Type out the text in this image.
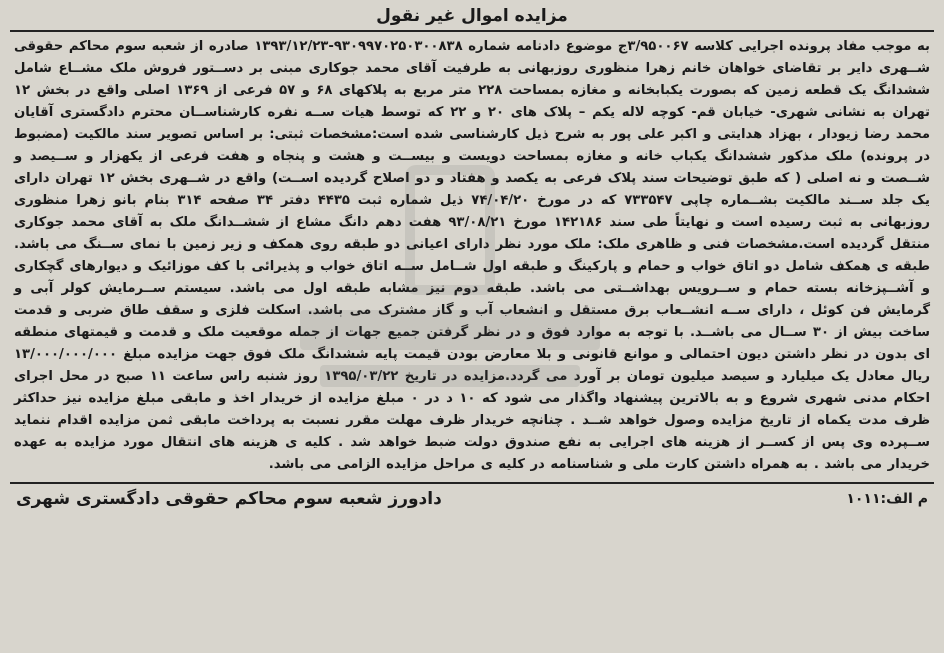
مزایده اموال غیر نقول

به موجب مفاد پرونده اجرایی کلاسه ۳/۹۵۰۰۶۷ج موضوع دادنامه شماره ۹۳۰۹۹۷۰۲۵۰۳۰۰۸۳۸-۱۳۹۳/۱۲/۲۳ صادره از شعبه سوم محاکم حقوقی شــهری دایر بر تقاضای خواهان خانم زهرا منظوری روزبهانی به طرفیت آقای محمد جوکاری مبنی بر دســتور فروش ملک مشــاع شامل ششدانگ یک قطعه زمین که بصورت یکبابخانه و مغازه بمساحت ۲۲۸ متر مربع به پلاکهای ۶۸ و ۵۷ فرعی از ۱۳۶۹ اصلی واقع در بخش ۱۲ تهران به نشانی شهری- خیابان قم- کوچه لاله یکم – پلاک های ۲۰ و ۲۲ که توسط هیات ســه نفره کارشناســان محترم دادگستری آقایان محمد رضا زیودار ، بهزاد هدایتی و اکبر علی پور به شرح ذیل کارشناسی شده است:مشخصات ثبتی: بر اساس تصویر سند مالکیت (مضبوط در پرونده) ملک مذکور ششدانگ یکباب خانه و مغازه بمساحت دویست و بیســت و هشت و پنجاه و هفت فرعی از یکهزار و ســیصد و شــصت و نه اصلی ( که طبق توضیحات سند پلاک فرعی به یکصد و هفتاد و دو اصلاح گردیده اســت) واقع در شــهری بخش ۱۲ تهران دارای یک جلد ســند مالکیت بشــماره چاپی ۷۳۳۵۴۷ که در مورخ ۷۴/۰۴/۲۰ ذیل شماره ثبت ۴۴۳۵ دفتر ۳۴ صفحه ۳۱۴ بنام بانو زهرا منظوری روزبهانی به ثبت رسیده است و نهایتاً طی سند ۱۴۲۱۸۶ مورخ ۹۳/۰۸/۲۱ هفت دهم دانگ مشاع از ششــدانگ ملک به آقای محمد جوکاری منتقل گردیده است.مشخصات فنی و ظاهری ملک: ملک مورد نظر دارای اعیانی دو طبقه روی همکف و زیر زمین با نمای ســنگ می باشد. طبقه ی همکف شامل دو اتاق خواب و حمام و پارکینگ و طبقه اول شــامل ســه اتاق خواب و پذیرائی با کف موزائیک و دیوارهای گچکاری و آشــپزخانه بسته حمام و ســرویس بهداشــتی می باشد. طبقه دوم نیز مشابه طبقه اول می باشد. سیستم ســرمایش کولر آبی و گرمایش فن کوئل ، دارای ســه انشــعاب برق مستقل و انشعاب آب و گاز مشترک می باشد. اسکلت فلزی و سقف طاق ضربی و قدمت ساخت بیش از ۳۰ ســال می باشــد. با توجه به موارد فوق و در نظر گرفتن جمیع جهات از جمله موقعیت ملک و قدمت و قیمتهای منطقه ای بدون در نظر داشتن دیون احتمالی و موانع قانونی و بلا معارض بودن قیمت پایه ششدانگ ملک فوق جهت مزایده مبلغ ۱۳/۰۰۰/۰۰۰/۰۰۰ ریال معادل یک میلیارد و سیصد میلیون تومان بر آورد می گردد.مزایده در تاریخ ۱۳۹۵/۰۳/۲۲ روز شنبه راس ساعت ۱۱ صبح در محل اجرای احکام مدنی شهری شروع و به بالاترین پیشنهاد واگذار می شود که ۱۰ د در ۰ مبلغ مزایده از خریدار اخذ و مابقی مبلغ مزایده نیز حداکثر ظرف مدت یکماه از تاریخ مزایده وصول خواهد شــد . چنانچه خریدار ظرف مهلت مقرر نسبت به پرداخت مابقی ثمن مزایده اقدام ننماید ســپرده وی پس از کســر از هزینه های اجرایی به نفع صندوق دولت ضبط خواهد شد . کلیه ی هزینه های انتقال مورد مزایده به عهده خریدار می باشد . به همراه داشتن کارت ملی و شناسنامه در کلیه ی مراحل مزایده الزامی می باشد.

م الف:۱۰۱۱
دادورز شعبه سوم محاکم حقوقی دادگستری شهری
